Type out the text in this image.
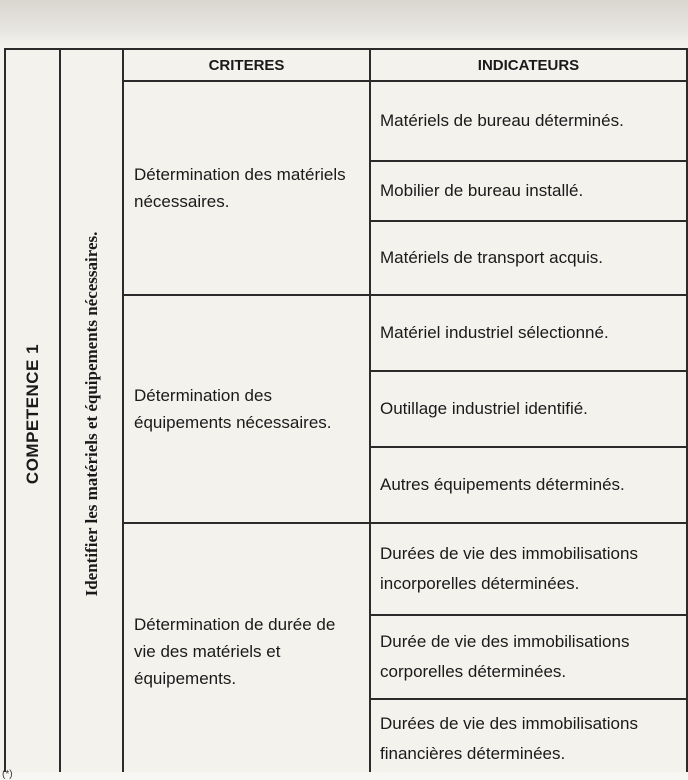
COMPETENCE 1	Identifier les matériels et équipements nécessaires.	CRITERES	INDICATEURS
		Détermination des matériels nécessaires.	Matériels de bureau déterminés.
			Mobilier de bureau installé.
			Matériels de transport acquis.
		Détermination des équipements nécessaires.	Matériel industriel sélectionné.
			Outillage industriel identifié.
			Autres équipements déterminés.
		Détermination de durée de vie des matériels et équipements.	Durées de vie des immobilisations incorporelles déterminées.
			Durée de vie des immobilisations corporelles déterminées.
			Durées de vie des immobilisations financières déterminées.
(*)
